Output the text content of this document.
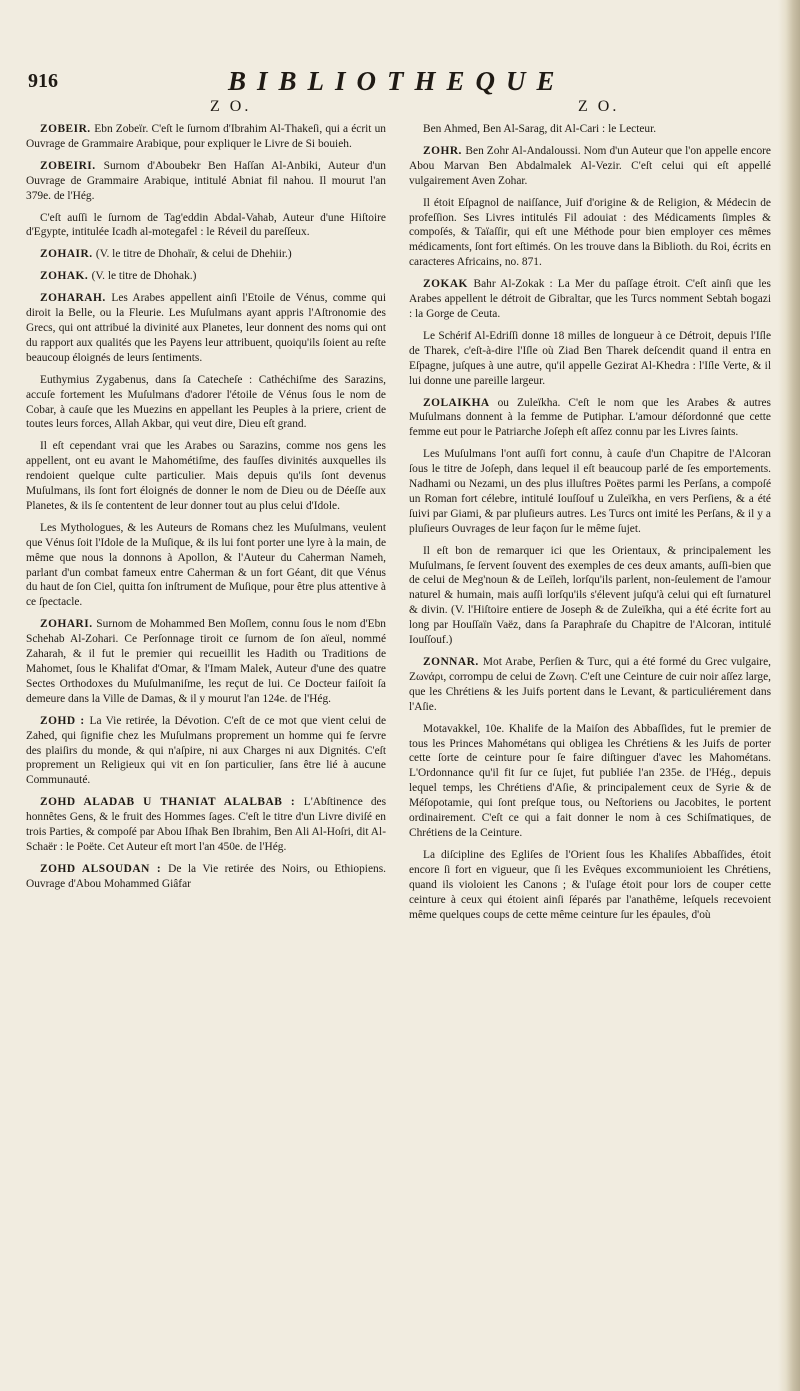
916	BIBLIOTHEQUE
Z O.	Z O.

ZOBEIR. Ebn Zobeïr. C'eſt le ſurnom d'Ibrahim Al-Thakeſi, qui a écrit un Ouvrage de Grammaire Arabique, pour expliquer le Livre de Si bouieh.

ZOBEIRI. Surnom d'Aboubekr Ben Haſſan Al-Anbiki, Auteur d'un Ouvrage de Grammaire Arabique, intitulé Abniat fil nahou. Il mourut l'an 379e. de l'Hég.

C'eſt auſſi le ſurnom de Tag'eddin Abdal-Vahab, Auteur d'une Hiſtoire d'Egypte, intitulée Icadh al-motegafel : le Réveil du pareſſeux.

ZOHAIR. (V. le titre de Dhohaïr, & celui de Dhehiir.)

ZOHAK. (V. le titre de Dhohak.)

ZOHARAH. Les Arabes appellent ainſi l'Etoile de Vénus, comme qui diroit la Belle, ou la Fleurie. Les Muſulmans ayant appris l'Aſtronomie des Grecs, qui ont attribué la divinité aux Planetes, leur donnent des noms qui ont du rapport aux qualités que les Payens leur attribuent, quoiqu'ils ſoient au reſte beaucoup éloignés de leurs ſentiments.

Euthymius Zygabenus, dans ſa Catecheſe : Cathéchiſme des Sarazins, accuſe fortement les Muſulmans d'adorer l'étoile de Vénus ſous le nom de Cobar, à cauſe que les Muezins en appellant les Peuples à la priere, crient de toutes leurs forces, Allah Akbar, qui veut dire, Dieu eſt grand.

Il eſt cependant vrai que les Arabes ou Sarazins, comme nos gens les appellent, ont eu avant le Mahométiſme, des fauſſes divinités auxquelles ils rendoient quelque culte particulier. Mais depuis qu'ils ſont devenus Muſulmans, ils ſont fort éloignés de donner le nom de Dieu ou de Déeſſe aux Planetes, & ils ſe contentent de leur donner tout au plus celui d'Idole.

Les Mythologues, & les Auteurs de Romans chez les Muſulmans, veulent que Vénus ſoit l'Idole de la Muſique, & ils lui font porter une lyre à la main, de même que nous la donnons à Apollon, & l'Auteur du Caherman Nameh, parlant d'un combat fameux entre Caherman & un fort Géant, dit que Vénus du haut de ſon Ciel, quitta ſon inſtrument de Muſique, pour être plus attentive à ce ſpectacle.

ZOHARI. Surnom de Mohammed Ben Moſlem, connu ſous le nom d'Ebn Schehab Al-Zohari. Ce Perſonnage tiroit ce ſurnom de ſon aïeul, nommé Zaharah, & il fut le premier qui recueillit les Hadith ou Traditions de Mahomet, ſous le Khalifat d'Omar, & l'Imam Malek, Auteur d'une des quatre Sectes Orthodoxes du Muſulmaniſme, les reçut de lui. Ce Docteur faiſoit ſa demeure dans la Ville de Damas, & il y mourut l'an 124e. de l'Hég.

ZOHD : La Vie retirée, la Dévotion. C'eſt de ce mot que vient celui de Zahed, qui ſignifie chez les Muſulmans proprement un homme qui fe ſervre des plaiſirs du monde, & qui n'aſpire, ni aux Charges ni aux Dignités. C'eſt proprement un Religieux qui vit en ſon particulier, ſans être lié à aucune Communauté.

ZOHD ALADAB U THANIAT ALALBAB : L'Abſtinence des honnêtes Gens, & le fruit des Hommes ſages. C'eſt le titre d'un Livre diviſé en trois Parties, & compoſé par Abou Iſhak Ben Ibrahim, Ben Ali Al-Hoſri, dit Al-Schaër : le Poëte. Cet Auteur eſt mort l'an 450e. de l'Hég.

ZOHD ALSOUDAN : De la Vie retirée des Noirs, ou Ethiopiens. Ouvrage d'Abou Mohammed Giâfar

Ben Ahmed, Ben Al-Sarag, dit Al-Cari : le Lecteur.

ZOHR. Ben Zohr Al-Andaloussi. Nom d'un Auteur que l'on appelle encore Abou Marvan Ben Abdalmalek Al-Vezir. C'eſt celui qui eſt appellé vulgairement Aven Zohar.

Il étoit Eſpagnol de naiſſance, Juif d'origine & de Religion, & Médecin de profeſſion. Ses Livres intitulés Fil adouiat : des Médicaments ſimples & compoſés, & Taïaſſir, qui eſt une Méthode pour bien employer ces mêmes médicaments, ſont fort eſtimés. On les trouve dans la Biblioth. du Roi, écrits en caracteres Africains, no. 871.

ZOKAK Bahr Al-Zokak : La Mer du paſſage étroit. C'eſt ainſi que les Arabes appellent le détroit de Gibraltar, que les Turcs nomment Sebtah bogazi : la Gorge de Ceuta.

Le Schérif Al-Edriſſi donne 18 milles de longueur à ce Détroit, depuis l'Iſle de Tharek, c'eſt-à-dire l'Iſle où Ziad Ben Tharek deſcendit quand il entra en Eſpagne, juſques à une autre, qu'il appelle Gezirat Al-Khedra : l'Iſle Verte, & il lui donne une pareille largeur.

ZOLAIKHA ou Zuleïkha. C'eſt le nom que les Arabes & autres Muſulmans donnent à la femme de Putiphar. L'amour déſordonné que cette femme eut pour le Patriarche Joſeph eſt aſſez connu par les Livres ſaints.

Les Muſulmans l'ont auſſi fort connu, à cauſe d'un Chapitre de l'Alcoran ſous le titre de Joſeph, dans lequel il eſt beaucoup parlé de ſes emportements. Nadhami ou Nezami, un des plus illuſtres Poëtes parmi les Perſans, a compoſé un Roman fort célebre, intitulé Iouſſouf u Zuleïkha, en vers Perſiens, & a été ſuivi par Giami, & par pluſieurs autres. Les Turcs ont imité les Perſans, & il y a pluſieurs Ouvrages de leur façon ſur le même ſujet.

Il eſt bon de remarquer ici que les Orientaux, & principalement les Muſulmans, ſe ſervent ſouvent des exemples de ces deux amants, auſſi-bien que de celui de Meg'noun & de Leïleh, lorſqu'ils parlent, non-ſeulement de l'amour naturel & humain, mais auſſi lorſqu'ils s'élevent juſqu'à celui qui eſt ſurnaturel & divin. (V. l'Hiſtoire entiere de Joseph & de Zuleïkha, qui a été écrite fort au long par Houſſaïn Vaëz, dans ſa Paraphraſe du Chapitre de l'Alcoran, intitulé Iouſſouf.)

ZONNAR. Mot Arabe, Perſien & Turc, qui a été formé du Grec vulgaire, Ζωνάρι, corrompu de celui de Ζωνη. C'eſt une Ceinture de cuir noir aſſez large, que les Chrétiens & les Juifs portent dans le Levant, & particuliérement dans l'Aſie.

Motavakkel, 10e. Khalife de la Maiſon des Abbaſſides, fut le premier de tous les Princes Mahométans qui obligea les Chrétiens & les Juifs de porter cette ſorte de ceinture pour ſe faire diſtinguer d'avec les Mahométans. L'Ordonnance qu'il fit ſur ce ſujet, fut publiée l'an 235e. de l'Hég., depuis lequel temps, les Chrétiens d'Aſie, & principalement ceux de Syrie & de Méſopotamie, qui ſont preſque tous, ou Neſtoriens ou Jacobites, le portent ordinairement. C'eſt ce qui a fait donner le nom à ces Schiſmatiques, de Chrétiens de la Ceinture.

La diſcipline des Egliſes de l'Orient ſous les Khaliſes Abbaſſides, étoit encore ſi fort en vigueur, que ſi les Evêques excommunioient les Chrétiens, quand ils violoient les Canons ; & l'uſage étoit pour lors de couper cette ceinture à ceux qui étoient ainſi ſéparés par l'anathême, leſquels recevoient même quelques coups de cette même ceinture ſur les épaules, d'où
